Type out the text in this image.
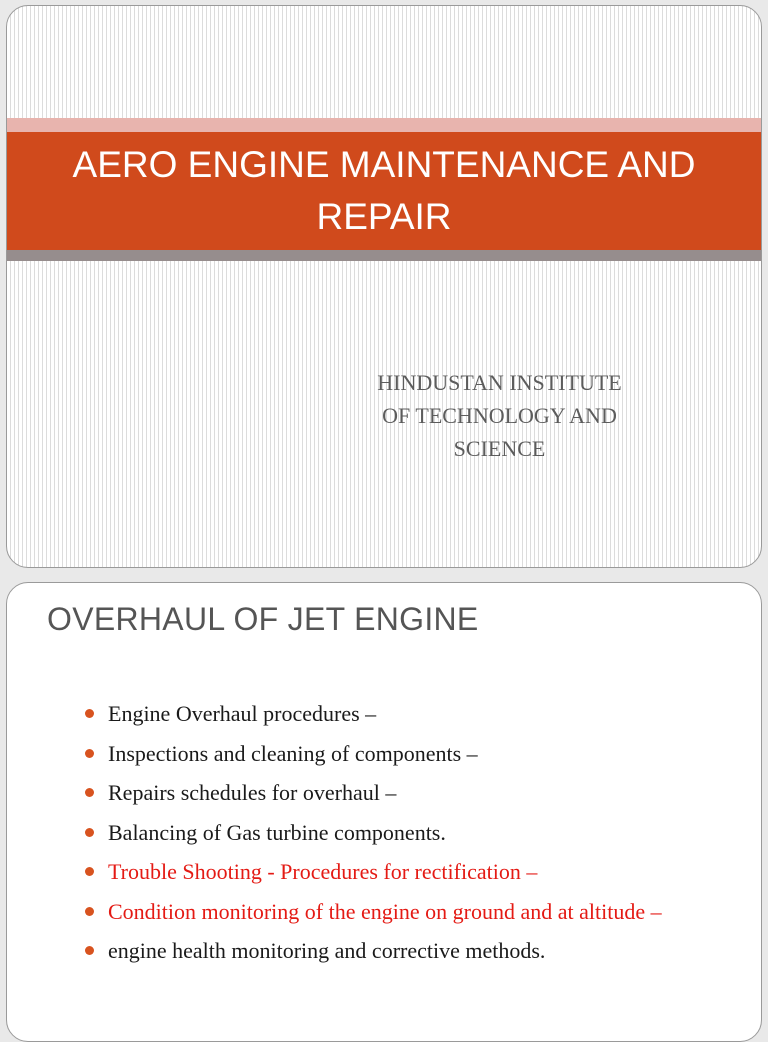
AERO ENGINE MAINTENANCE AND REPAIR
HINDUSTAN INSTITUTE
OF TECHNOLOGY AND
SCIENCE
OVERHAUL OF JET ENGINE
Engine Overhaul procedures –
Inspections and cleaning of components –
Repairs schedules for overhaul –
Balancing of Gas turbine components.
Trouble Shooting - Procedures for rectification –
Condition monitoring of the engine on ground and at altitude –
engine health monitoring and corrective methods.
